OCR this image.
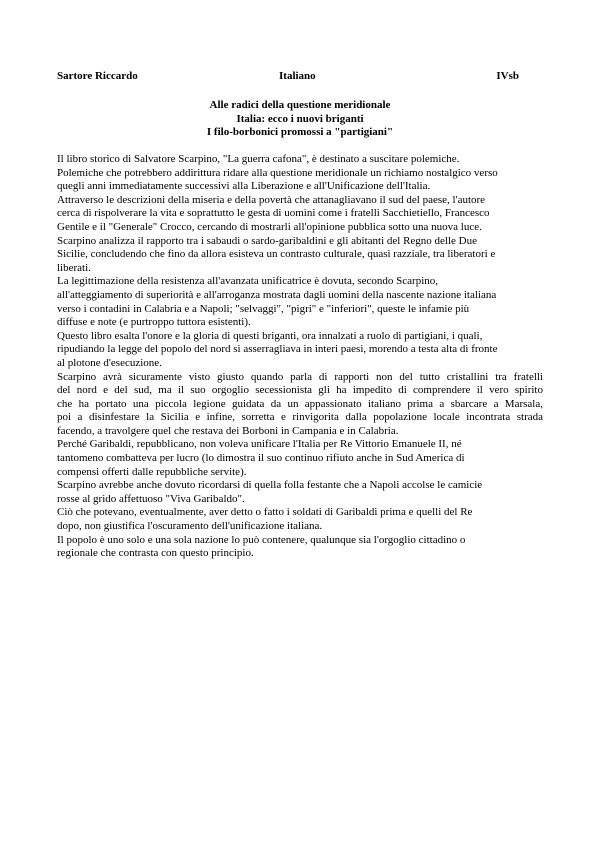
Sartore Riccardo	Italiano	IVsb
Alle radici della questione meridionale
Italia: ecco i nuovi briganti
I filo-borbonici promossi a "partigiani"
Il libro storico di Salvatore Scarpino, "La guerra cafona", è destinato a suscitare polemiche.
Polemiche che potrebbero addirittura ridare alla questione meridionale un richiamo nostalgico verso
quegli anni immediatamente successivi alla Liberazione e all'Unificazione dell'Italia.
Attraverso le descrizioni della miseria e della povertà che attanagliavano il sud del paese, l'autore
cerca di rispolverare la vita e soprattutto le gesta di uomini come i fratelli Sacchietiello, Francesco
Gentile e il "Generale" Crocco, cercando di mostrarli all'opinione pubblica sotto una nuova luce.
Scarpino analizza il rapporto tra i sabaudi o sardo-garibaldini e gli abitanti del Regno delle Due
Sicilie, concludendo che fino da allora esisteva un contrasto culturale, quasi razziale, tra liberatori e
liberati.
La legittimazione della resistenza all'avanzata unificatrice è dovuta, secondo Scarpino,
all'atteggiamento di superiorità e all'arroganza mostrata dagli uomini della nascente nazione italiana
verso i contadini in Calabria e a Napoli; "selvaggi", "pigri" e "inferiori", queste le infamie più
diffuse e note (e purtroppo tuttora esistenti).
Questo libro esalta l'onore e la gloria di questi briganti, ora innalzati a ruolo di partigiani, i quali,
ripudiando la legge del popolo del nord si asserragliava in interi paesi, morendo a testa alta di fronte
al plotone d'esecuzione.
Scarpino avrà sicuramente visto giusto quando parla di rapporti non del tutto cristallini tra fratelli
del nord e del sud, ma il suo orgoglio secessionista gli ha impedito di comprendere il vero spirito
che ha portato una piccola legione guidata da un appassionato italiano prima a sbarcare a Marsala,
poi a disinfestare la Sicilia e infine, sorretta e rinvigorita dalla popolazione locale incontrata strada
facendo, a travolgere quel che restava dei Borboni in Campania e in Calabria.
Perché Garibaldi, repubblicano, non voleva unificare l'Italia per Re Vittorio Emanuele II, né
tantomeno combatteva per lucro (lo dimostra il suo continuo rifiuto anche in Sud America di
compensi offerti dalle repubbliche servite).
Scarpino avrebbe anche dovuto ricordarsi di quella folla festante che a Napoli accolse le camicie
rosse al grido affettuoso "Viva Garibaldo".
Ciò che potevano, eventualmente, aver detto o fatto i soldati di Garibaldi prima e quelli del Re
dopo, non giustifica l'oscuramento dell'unificazione italiana.
Il popolo è uno solo e una sola nazione lo può contenere, qualunque sia l'orgoglio cittadino o
regionale che contrasta con questo principio.
